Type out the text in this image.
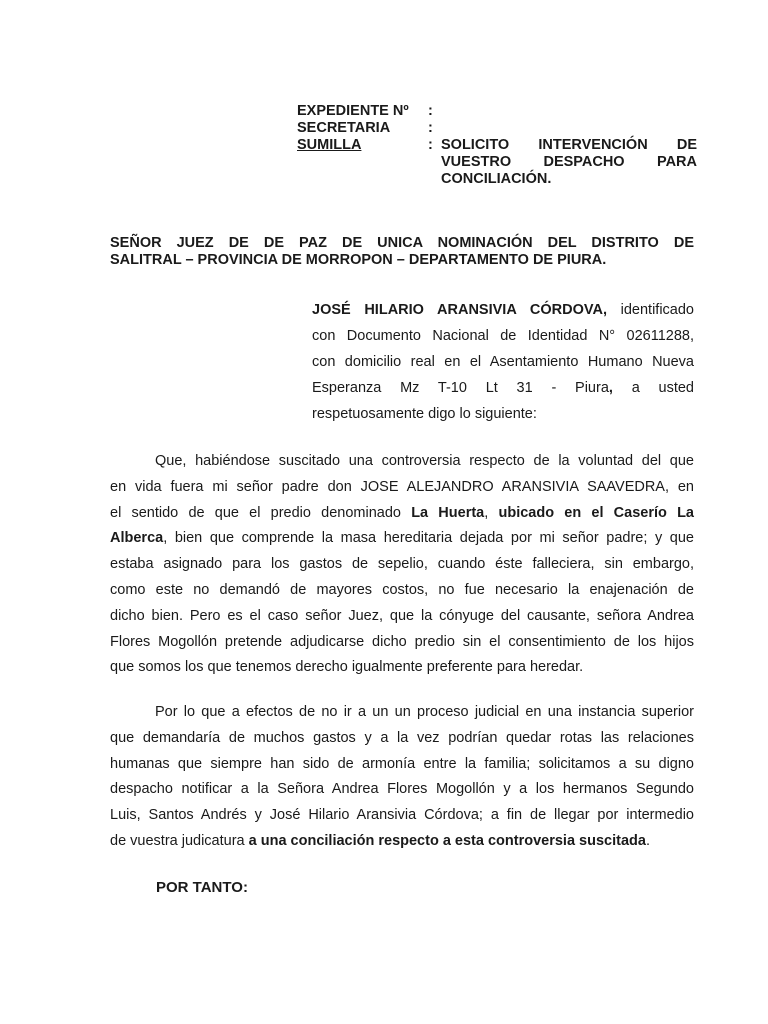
EXPEDIENTE Nº	:
SECRETARIA	:
SUMILLA	: SOLICITO INTERVENCIÓN DE
VUESTRO DESPACHO PARA
CONCILIACIÓN.
SEÑOR JUEZ DE DE PAZ DE UNICA NOMINACIÓN DEL DISTRITO DE
SALITRAL – PROVINCIA DE MORROPON – DEPARTAMENTO DE PIURA.
JOSÉ HILARIO ARANSIVIA CÓRDOVA, identificado
con Documento Nacional de Identidad N° 02611288,
con domicilio real en el Asentamiento Humano Nueva
Esperanza Mz T-10 Lt 31 - Piura, a usted
respetuosamente digo lo siguiente:
Que, habiéndose suscitado una controversia respecto de la voluntad del que
en vida fuera mi señor padre don JOSE ALEJANDRO ARANSIVIA SAAVEDRA, en
el sentido de que el predio denominado La Huerta, ubicado en el Caserío La
Alberca, bien que comprende la masa hereditaria dejada por mi señor padre; y que
estaba asignado para los gastos de sepelio, cuando éste falleciera, sin embargo,
como este no demandó de mayores costos, no fue necesario la enajenación de
dicho bien. Pero es el caso señor Juez, que la cónyuge del causante, señora Andrea
Flores Mogollón pretende adjudicarse dicho predio sin el consentimiento de los hijos
que somos los que tenemos derecho igualmente preferente para heredar.
Por lo que a efectos de no ir a un un proceso judicial en una instancia superior
que demandaría de muchos gastos y a la vez podrían quedar rotas las relaciones
humanas que siempre han sido de armonía entre la familia; solicitamos a su digno
despacho notificar a la Señora Andrea Flores Mogollón y a los hermanos Segundo
Luis, Santos Andrés y José Hilario Aransivia Córdova; a fin de llegar por intermedio
de vuestra judicatura a una conciliación respecto a esta controversia suscitada.
POR TANTO:
